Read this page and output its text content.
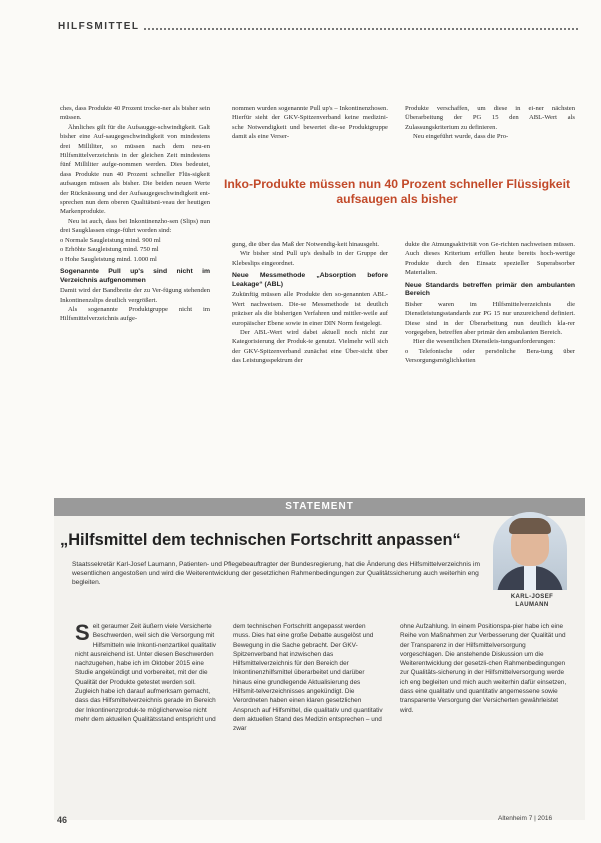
HILFSMITTEL

ches, dass Produkte 40 Prozent trocke-ner als bisher sein müssen.

Ähnliches gilt für die Aufsaugge-schwindigkeit. Galt bisher eine Auf-saugegeschwindigkeit von mindestens drei Milliliter, so müssen nach dem neu-en Hilfsmittelverzeichnis in der gleichen Zeit mindestens fünf Milliliter aufge-nommen werden. Dies bedeutet, dass Produkte nun 40 Prozent schneller Flüs-sigkeit aufsaugen müssen als bisher. Die beiden neuen Werte der Rücknässung und der Aufsaugegeschwindigkeit ent-sprechen nun dem oberen Qualitätsni-veau der heutigen Markenprodukte.

Neu ist auch, dass bei Inkontinenzho-sen (Slips) nun drei Saugklassen einge-führt worden sind:

o Normale Saugleistung mind. 900 ml
o Erhöhte Saugleistung mind. 750 ml
o Hohe Saugleistung mind. 1.000 ml
Sogenannte Pull up's sind nicht im Verzeichnis aufgenommen

Damit wird der Bandbreite der zu Ver-fügung stehenden Inkontinenzslips deutlich vergrößert.

Als sogenannte Produktgruppe nicht im Hilfsmittelverzeichnis aufge-

nommen wurden sogenannte Pull up's – Inkontinenzhosen. Hierfür sieht der GKV-Spitzenverband keine medizini-sche Notwendigkeit und bewertet die-se Produktgruppe damit als eine Verser-

Produkte verschaffen, um diese in ei-ner nächsten Überarbeitung der PG 15 den ABL-Wert als Zulassungskriterium zu definieren.

Neu eingeführt wurde, dass die Pro-

Inko-Produkte müssen nun 40 Prozent schneller Flüssigkeit aufsaugen als bisher

gung, die über das Maß der Notwendig-keit hinausgeht.

Wir bisher sind Pull up's deshalb in der Gruppe der Klebeslips eingeordnet.

Neue Messmethode „Absorption before Leakage“ (ABL)

Zukünftig müssen alle Produkte den so-genannten ABL-Wert nachweisen. Die-se Messmethode ist deutlich präziser als die bisherigen Verfahren und mittler-weile auf europäischer Ebene sowie in einer DIN Norm festgelegt.

Der ABL-Wert wird dabei aktuell noch nicht zur Kategorisierung der Produk-te genutzt. Vielmehr will sich der GKV-Spitzenverband zunächst eine Über-sicht über das Leistungsspektrum der

dukte die Atmungsaktivität von Ge-richten nachweisen müssen. Auch dieses Kriterium erfüllen heute bereits hoch-wertige Produkte durch den Einsatz spezieller Superabsorber Materialien.

Neue Standards betreffen primär den ambulanten Bereich

Bisher waren im Hilfsmittelverzeichnis die Dienstleistungsstandards zur PG 15 nur unzureichend definiert. Diese sind in der Überarbeitung nun deutlich kla-rer vorgegeben, betreffen aber primär den ambulanten Bereich.

Hier die wesentlichen Dienstleis-tungsanforderungen:

o Telefonische oder persönliche Bera-tung über Versorgungsmöglichkeiten

STATEMENT
„Hilfsmittel dem technischen Fortschritt anpassen“
Staatssekretär Karl-Josef Laumann, Patienten- und Pflegebeauftragter der Bundesregierung, hat die Änderung des Hilfsmittelverzeichnis im wesentlichen angestoßen und wird die Weiterentwicklung der gesetzlichen Rahmenbedingungen zur Qualitätssicherung auch weiterhin eng begleiten.
KARL-JOSEF
LAUMANN
Seit geraumer Zeit äußern viele Versicherte Beschwerden, weil sich die Versorgung mit Hilfsmitteln wie Inkonti-nenzartikel qualitativ nicht ausreichend ist. Unter diesen Beschwerden nachzugehen, habe ich im Oktober 2015 eine Studie angekündigt und vorbereitet, mit der die Qualität der Produkte getestet werden soll. Zugleich habe ich darauf aufmerksam gemacht, dass das Hilfsmittelverzeichnis gerade im Bereich der Inkontinenzproduk-te möglicherweise nicht mehr dem aktuellen Qualitätsstand entspricht und
dem technischen Fortschritt angepasst werden muss. Dies hat eine große Debatte ausgelöst und Bewegung in die Sache gebracht. Der GKV-Spitzenverband hat inzwischen das Hilfsmittelverzeichnis für den Bereich der Inkontinenzhilfsmittel überarbeitet und darüber hinaus eine grundlegende Aktualisierung des Hilfsmit-telverzeichnisses angekündigt. Die Verordneten haben einen klaren gesetzlichen Anspruch auf Hilfsmittel, die qualitativ und quantitativ dem aktuellen Stand des Medizin entsprechen – und zwar
ohne Aufzahlung. In einem Positionspa-pier habe ich eine Reihe von Maßnahmen zur Verbesserung der Qualität und der Transparenz in der Hilfsmittelversorgung vorgeschlagen. Die anstehende Diskussion um die Weiterentwicklung der gesetzli-chen Rahmenbedingungen zur Qualitäts-sicherung in der Hilfsmittelversorgung werde ich eng begleiten und mich auch weiterhin dafür einsetzen, dass eine qualitativ und quantitativ angemessene sowie transparente Versorgung der Versicherten gewährleistet wird.
46	Altenheim 7 | 2016
